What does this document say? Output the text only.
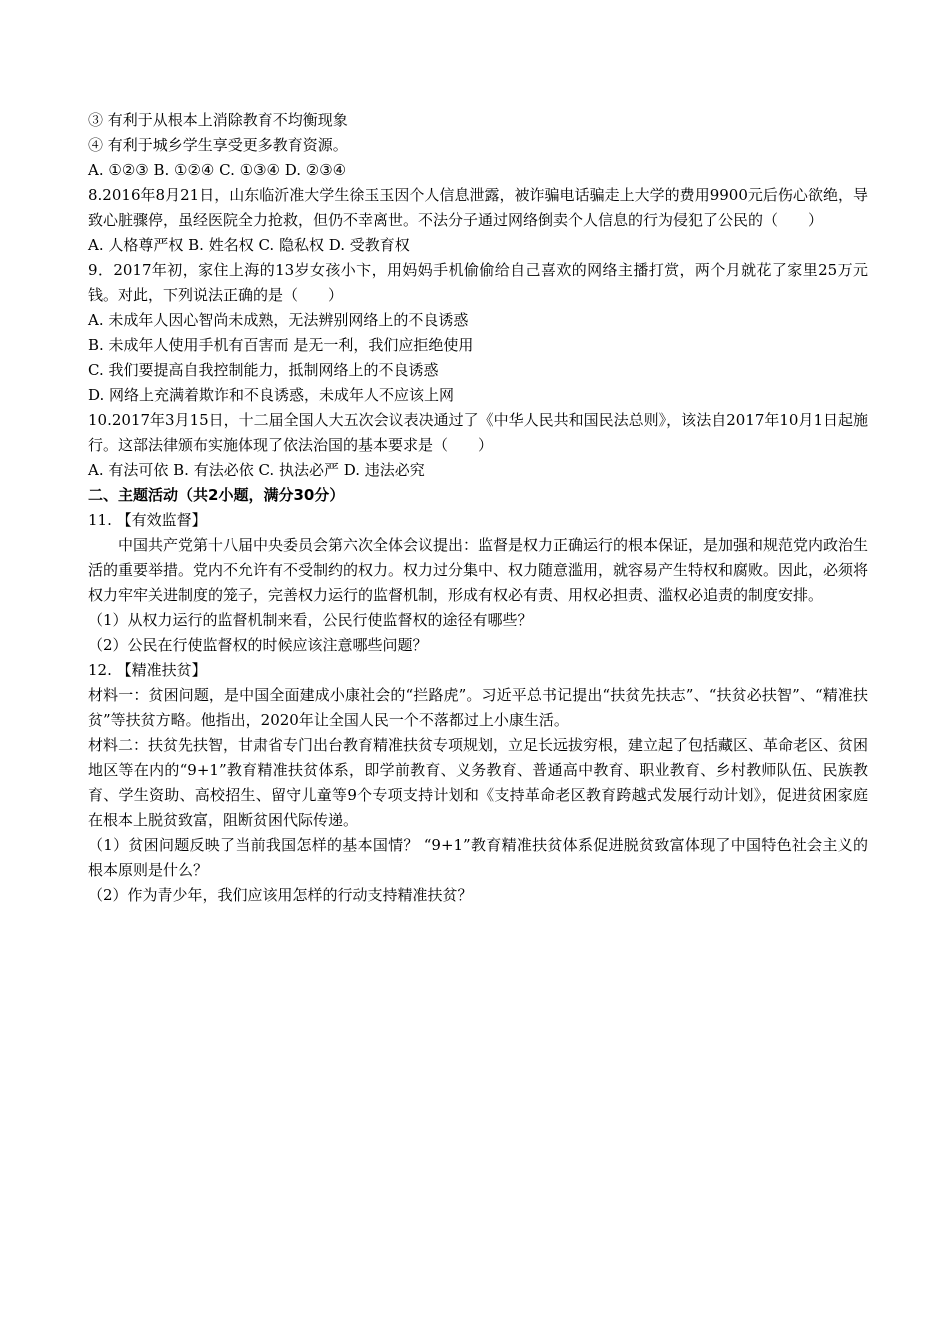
③ 有利于从根本上消除教育不均衡现象
④ 有利于城乡学生享受更多教育资源。
A. ①②③ B. ①②④ C. ①③④ D. ②③④
8.2016年8月21日，山东临沂准大学生徐玉玉因个人信息泄露，被诈骗电话骗走上大学的费用9900元后伤心欲绝，导致心脏骤停，虽经医院全力抢救，但仍不幸离世。不法分子通过网络倒卖个人信息的行为侵犯了公民的（　　）
A. 人格尊严权 B. 姓名权 C. 隐私权 D. 受教育权
9．2017年初，家住上海的13岁女孩小卞，用妈妈手机偷偷给自己喜欢的网络主播打赏，两个月就花了家里25万元钱。对此，下列说法正确的是（　　）
A. 未成年人因心智尚未成熟，无法辨别网络上的不良诱惑
B. 未成年人使用手机有百害而 是无一利，我们应拒绝使用
C. 我们要提高自我控制能力，抵制网络上的不良诱惑
D. 网络上充满着欺诈和不良诱惑，未成年人不应该上网
10.2017年3月15日，十二届全国人大五次会议表决通过了《中华人民共和国民法总则》，该法自2017年10月1日起施行。这部法律颁布实施体现了依法治国的基本要求是（　　）
A. 有法可依 B. 有法必依 C. 执法必严 D. 违法必究
二、主题活动（共2小题，满分30分）
11. 【有效监督】
中国共产党第十八届中央委员会第六次全体会议提出：监督是权力正确运行的根本保证，是加强和规范党内政治生活的重要举措。党内不允许有不受制约的权力。权力过分集中、权力随意滥用，就容易产生特权和腐败。因此，必须将权力牢牢关进制度的笼子，完善权力运行的监督机制，形成有权必有责、用权必担责、滥权必追责的制度安排。
（1）从权力运行的监督机制来看，公民行使监督权的途径有哪些？
（2）公民在行使监督权的时候应该注意哪些问题？
12. 【精准扶贫】
材料一：贫困问题，是中国全面建成小康社会的“拦路虎”。习近平总书记提出“扶贫先扶志”、“扶贫必扶智”、“精准扶贫”等扶贫方略。他指出，2020年让全国人民一个不落都过上小康生活。
材料二：扶贫先扶智，甘肃省专门出台教育精准扶贫专项规划，立足长远拔穷根，建立起了包括藏区、革命老区、贫困地区等在内的“9+1”教育精准扶贫体系，即学前教育、义务教育、普通高中教育、职业教育、乡村教师队伍、民族教育、学生资助、高校招生、留守儿童等9个专项支持计划和《支持革命老区教育跨越式发展行动计划》，促进贫困家庭在根本上脱贫致富，阻断贫困代际传递。
（1）贫困问题反映了当前我国怎样的基本国情？ “9+1”教育精准扶贫体系促进脱贫致富体现了中国特色社会主义的根本原则是什么？
（2）作为青少年，我们应该用怎样的行动支持精准扶贫？
